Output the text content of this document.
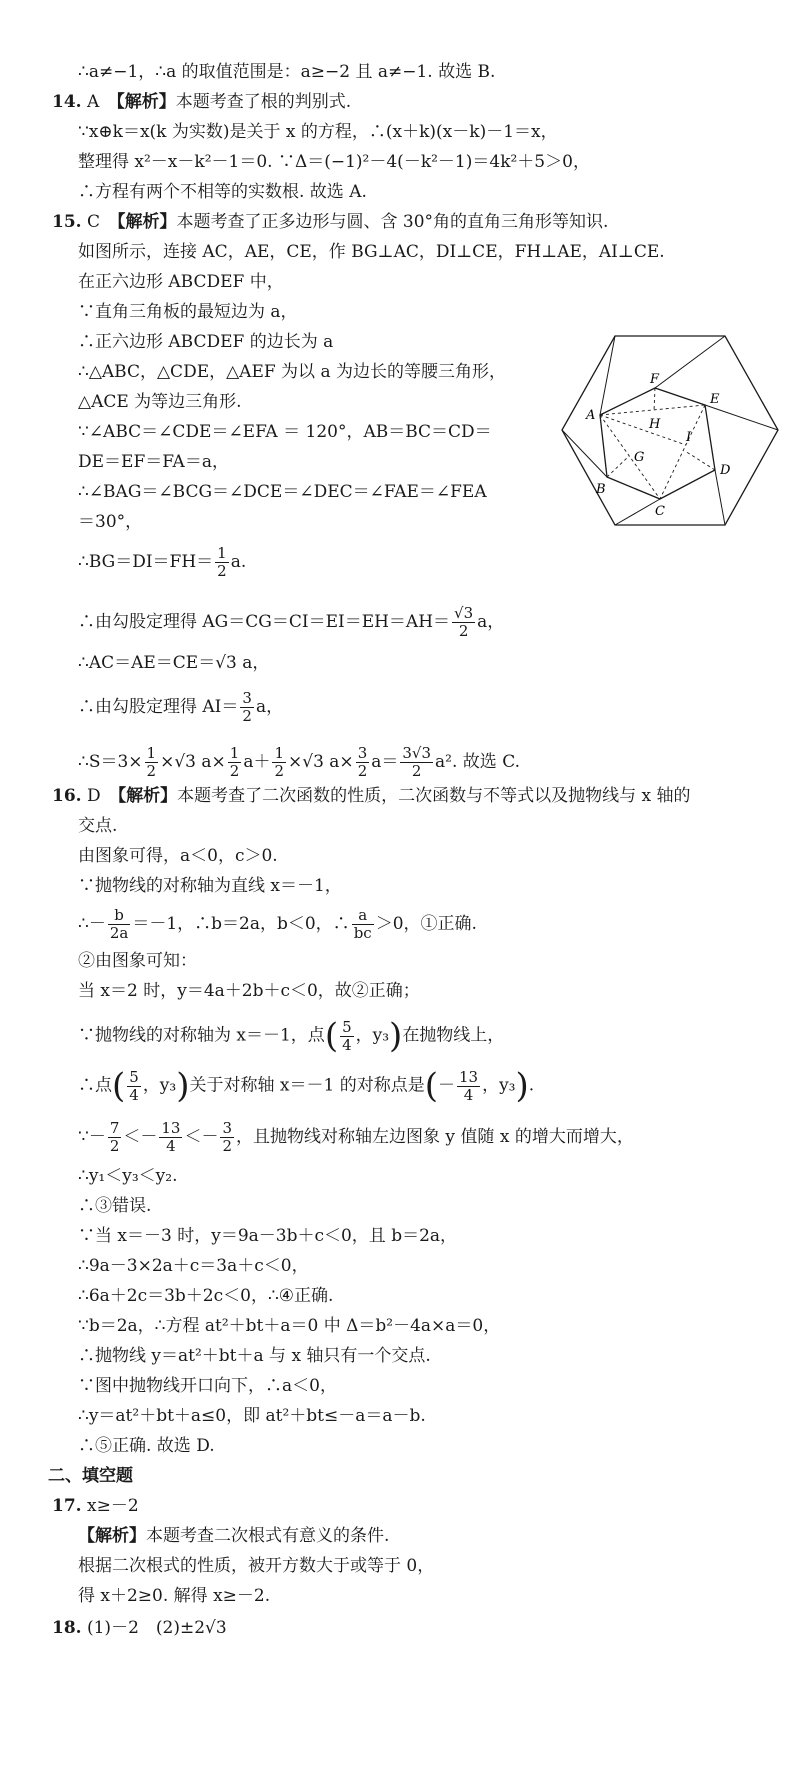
∴a≠−1，∴a 的取值范围是：a≥−2 且 a≠−1. 故选 B.
14. A　 【解析】本题考查了根的判别式.
∵x⊕k＝x(k 为实数)是关于 x 的方程，∴(x＋k)(x－k)－1＝x，
整理得 x²－x－k²－1＝0. ∵Δ＝(−1)²－4(－k²－1)＝4k²＋5＞0，
∴方程有两个不相等的实数根. 故选 A.
15. C　 【解析】本题考查了正多边形与圆、含 30°角的直角三角形等知识.
如图所示，连接 AC，AE，CE，作 BG⊥AC，DI⊥CE，FH⊥AE，AI⊥CE.
在正六边形 ABCDEF 中，
∵直角三角板的最短边为 a，
∴正六边形 ABCDEF 的边长为 a
∴△ABC，△CDE，△AEF 为以 a 为边长的等腰三角形，
△ACE 为等边三角形.
∵∠ABC＝∠CDE＝∠EFA ＝ 120°，AB＝BC＝CD＝
DE＝EF＝FA＝a，
∴∠BAG＝∠BCG＝∠DCE＝∠DEC＝∠FAE＝∠FEA
＝30°，
∴BG＝DI＝FH＝ $\frac{1}{2} a$.
∴由勾股定理得 $AG=CG=CI=EI=EH=AH= \frac{√3}{2}$ a，
∴AC＝AE＝CE＝√3 a，
∴由勾股定理得 $AI= \frac{3}{2}$ a，
∴S＝3× $\frac{1}{2} \times√3$ $a\times \frac{1}{2} a+ \frac{1}{2} \times√3$ $a\times \frac{3}{2} a= \frac{3√3}{2} a^2$. 故选 C.
16. D　 【解析】本题考查了二次函数的性质，二次函数与不等式以及抛物线与 x 轴的
交点.
由图象可得，a＜0，c＞0.
∵抛物线的对称轴为直线 x＝－1，
∴－ $\frac{b}{2a} =-1$，∴b＝2a，b＜0，∴ $\frac{a}{bc} >0$，①正确.
②由图象可知：
当 x＝2 时，y＝4a＋2b＋c＜0，故②正确；
∵抛物线的对称轴为 x＝－1，点( $\frac{5}{4}$ ，y₃)在抛物线上，
∴点( $\frac{5}{4}$ ，y₃)关于对称轴 x＝－1 的对称点是(－ $\frac{13}{4}$ ，y₃).
∵－ $\frac{7}{2} <- \frac{13}{4} <- \frac{3}{2}$ ，且抛物线对称轴左边图象 y 值随 x 的增大而增大，
∴y₁＜y₃＜y₂.
∴③错误.
∵当 x＝－3 时，y＝9a－3b＋c＜0，且 b＝2a，
∴9a－3×2a＋c＝3a＋c＜0，
∴6a＋2c＝3b＋2c＜0，∴④正确.
∵b＝2a，∴方程 at²＋bt＋a＝0 中 Δ＝b²－4a×a＝0，
∴抛物线 y＝at²＋bt＋a 与 x 轴只有一个交点.
∵图中抛物线开口向下，∴a＜0，
∴y＝at²＋bt＋a≤0，即 at²＋bt≤－a＝a－b.
∴⑤正确. 故选 D.
二、填空题
17. x≥－2
【解析】本题考查二次根式有意义的条件.
根据二次根式的性质，被开方数大于或等于 0，
得 x＋2≥0. 解得 x≥－2.
18. (1)－2　(2)±2√3
A
B
C
D
E
F
G
H
I
